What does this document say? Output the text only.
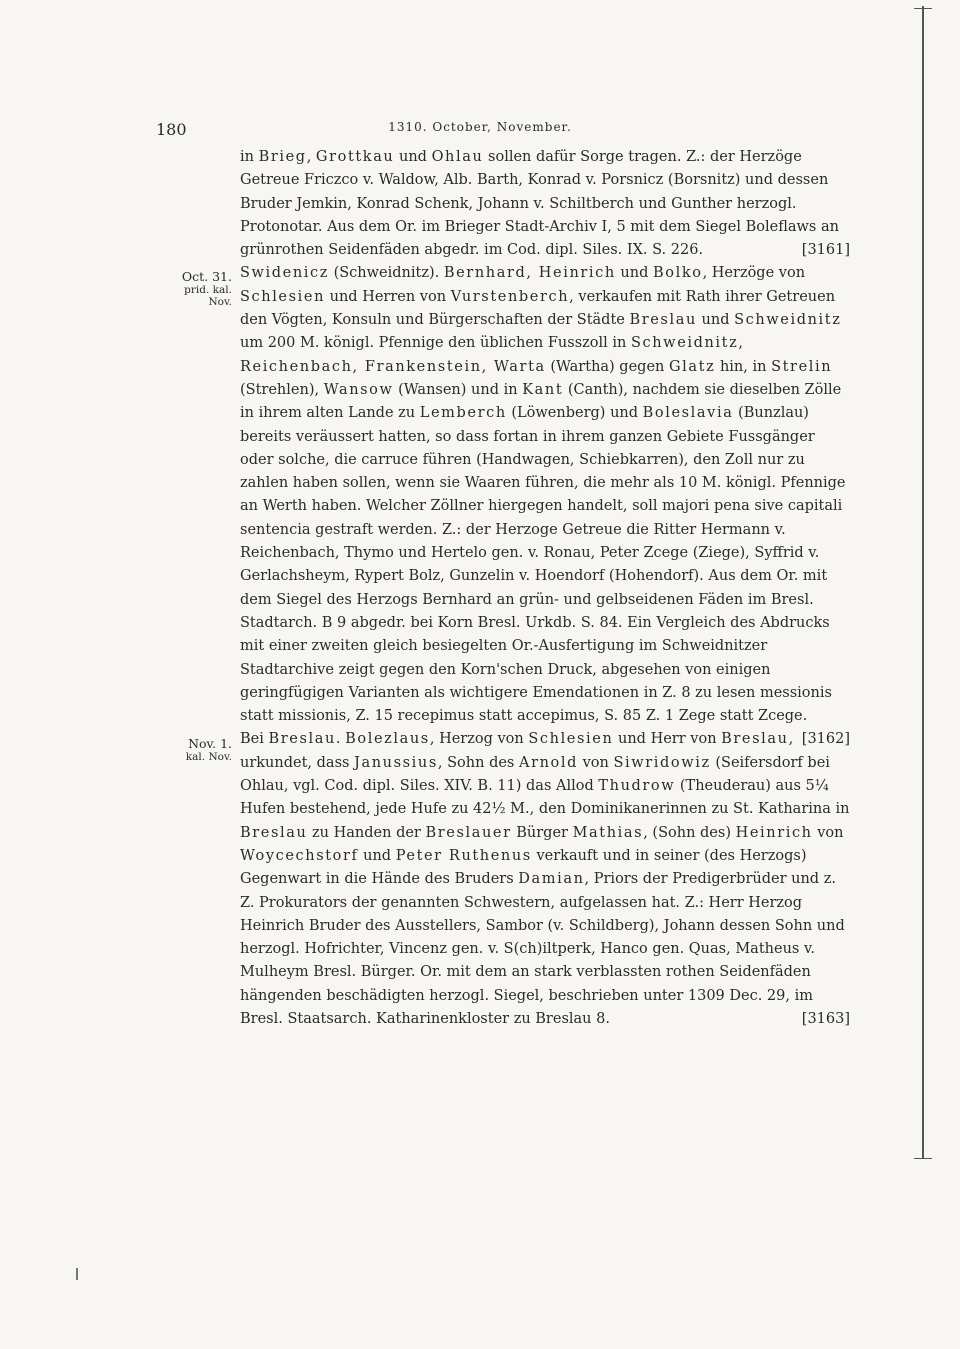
180	1310. October, November.
Oct. 31.
prid. kal.
Nov.
Nov. 1.
kal. Nov.

in Brieg, Grottkau und Ohlau sollen dafür Sorge tragen. Z.: der Herzöge Getreue Friczco v. Waldow, Alb. Barth, Konrad v. Porsnicz (Borsnitz) und dessen Bruder Jemkin, Konrad Schenk, Johann v. Schiltberch und Gunther herzogl. Protonotar. Aus dem Or. im Brieger Stadt-Archiv I, 5 mit dem Siegel Boleflaws an grünrothen Seidenfäden abgedr. im Cod. dipl. Siles. IX. S. 226.	[3161]

Swidenicz (Schweidnitz). Bernhard, Heinrich und Bolko, Herzöge von Schlesien und Herren von Vurstenberch, verkaufen mit Rath ihrer Getreuen den Vögten, Konsuln und Bürgerschaften der Städte Breslau und Schweidnitz um 200 M. königl. Pfennige den üblichen Fusszoll in Schweidnitz, Reichenbach, Frankenstein, Warta (Wartha) gegen Glatz hin, in Strelin (Strehlen), Wansow (Wansen) und in Kant (Canth), nachdem sie dieselben Zölle in ihrem alten Lande zu Lemberch (Löwenberg) und Boleslavia (Bunzlau) bereits veräussert hatten, so dass fortan in ihrem ganzen Gebiete Fussgänger oder solche, die carruce führen (Handwagen, Schiebkarren), den Zoll nur zu zahlen haben sollen, wenn sie Waaren führen, die mehr als 10 M. königl. Pfennige an Werth haben. Welcher Zöllner hiergegen handelt, soll majori pena sive capitali sentencia gestraft werden. Z.: der Herzoge Getreue die Ritter Hermann v. Reichenbach, Thymo und Hertelo gen. v. Ronau, Peter Zcege (Ziege), Syffrid v. Gerlachsheym, Rypert Bolz, Gunzelin v. Hoendorf (Hohendorf). Aus dem Or. mit dem Siegel des Herzogs Bernhard an grün- und gelbseidenen Fäden im Bresl. Stadtarch. B 9 abgedr. bei Korn Bresl. Urkdb. S. 84. Ein Vergleich des Abdrucks mit einer zweiten gleich besiegelten Or.-Ausfertigung im Schweidnitzer Stadtarchive zeigt gegen den Korn'schen Druck, abgesehen von einigen geringfügigen Varianten als wichtigere Emendationen in Z. 8 zu lesen messionis statt missionis, Z. 15 recepimus statt accepimus, S. 85 Z. 1 Zege statt Zcege.
[3162]

Bei Breslau. Bolezlaus, Herzog von Schlesien und Herr von Breslau, urkundet, dass Janussius, Sohn des Arnold von Siwridowiz (Seifersdorf bei Ohlau, vgl. Cod. dipl. Siles. XIV. B. 11) das Allod Thudrow (Theuderau) aus 5¼ Hufen bestehend, jede Hufe zu 42½ M., den Dominikanerinnen zu St. Katharina in Breslau zu Handen der Breslauer Bürger Mathias, (Sohn des) Heinrich von Woycechstorf und Peter Ruthenus verkauft und in seiner (des Herzogs) Gegenwart in die Hände des Bruders Damian, Priors der Predigerbrüder und z. Z. Prokurators der genannten Schwestern, aufgelassen hat. Z.: Herr Herzog Heinrich Bruder des Ausstellers, Sambor (v. Schildberg), Johann dessen Sohn und herzogl. Hofrichter, Vincenz gen. v. S(ch)iltperk, Hanco gen. Quas, Matheus v. Mulheym Bresl. Bürger. Or. mit dem an stark verblassten rothen Seidenfäden hängenden beschädigten herzogl. Siegel, beschrieben unter 1309 Dec. 29, im Bresl. Staatsarch. Katharinenkloster zu Breslau 8.	[3163]
